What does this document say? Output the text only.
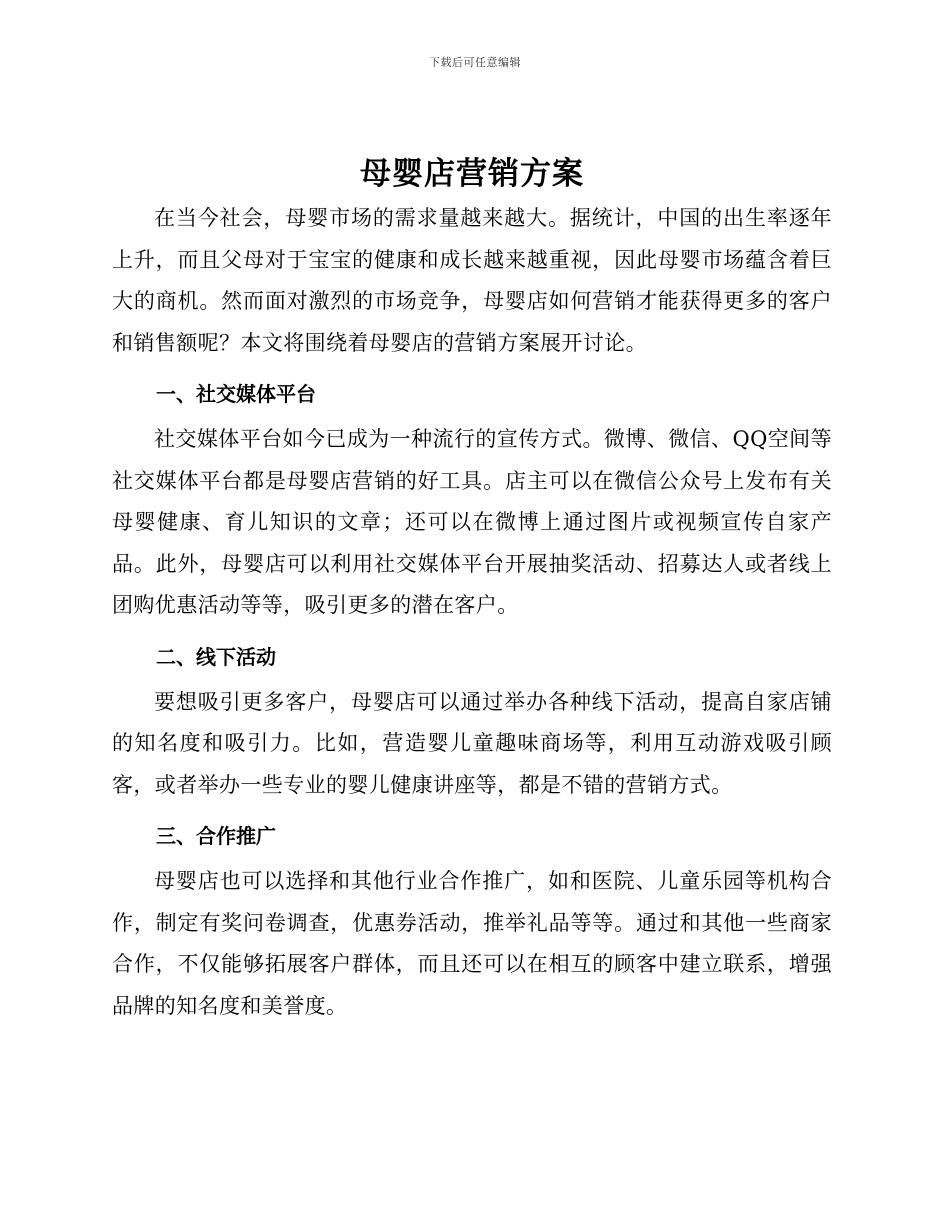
下载后可任意编辑
母婴店营销方案

在当今社会，母婴市场的需求量越来越大。据统计，中国的出生率逐年上升，而且父母对于宝宝的健康和成长越来越重视，因此母婴市场蕴含着巨大的商机。然而面对激烈的市场竞争，母婴店如何营销才能获得更多的客户和销售额呢？本文将围绕着母婴店的营销方案展开讨论。

一、社交媒体平台

社交媒体平台如今已成为一种流行的宣传方式。微博、微信、QQ空间等社交媒体平台都是母婴店营销的好工具。店主可以在微信公众号上发布有关母婴健康、育儿知识的文章；还可以在微博上通过图片或视频宣传自家产品。此外，母婴店可以利用社交媒体平台开展抽奖活动、招募达人或者线上团购优惠活动等等，吸引更多的潜在客户。

二、线下活动

要想吸引更多客户，母婴店可以通过举办各种线下活动，提高自家店铺的知名度和吸引力。比如，营造婴儿童趣味商场等，利用互动游戏吸引顾客，或者举办一些专业的婴儿健康讲座等，都是不错的营销方式。

三、合作推广

母婴店也可以选择和其他行业合作推广，如和医院、儿童乐园等机构合作，制定有奖问卷调查，优惠券活动，推举礼品等等。通过和其他一些商家合作，不仅能够拓展客户群体，而且还可以在相互的顾客中建立联系，增强品牌的知名度和美誉度。
